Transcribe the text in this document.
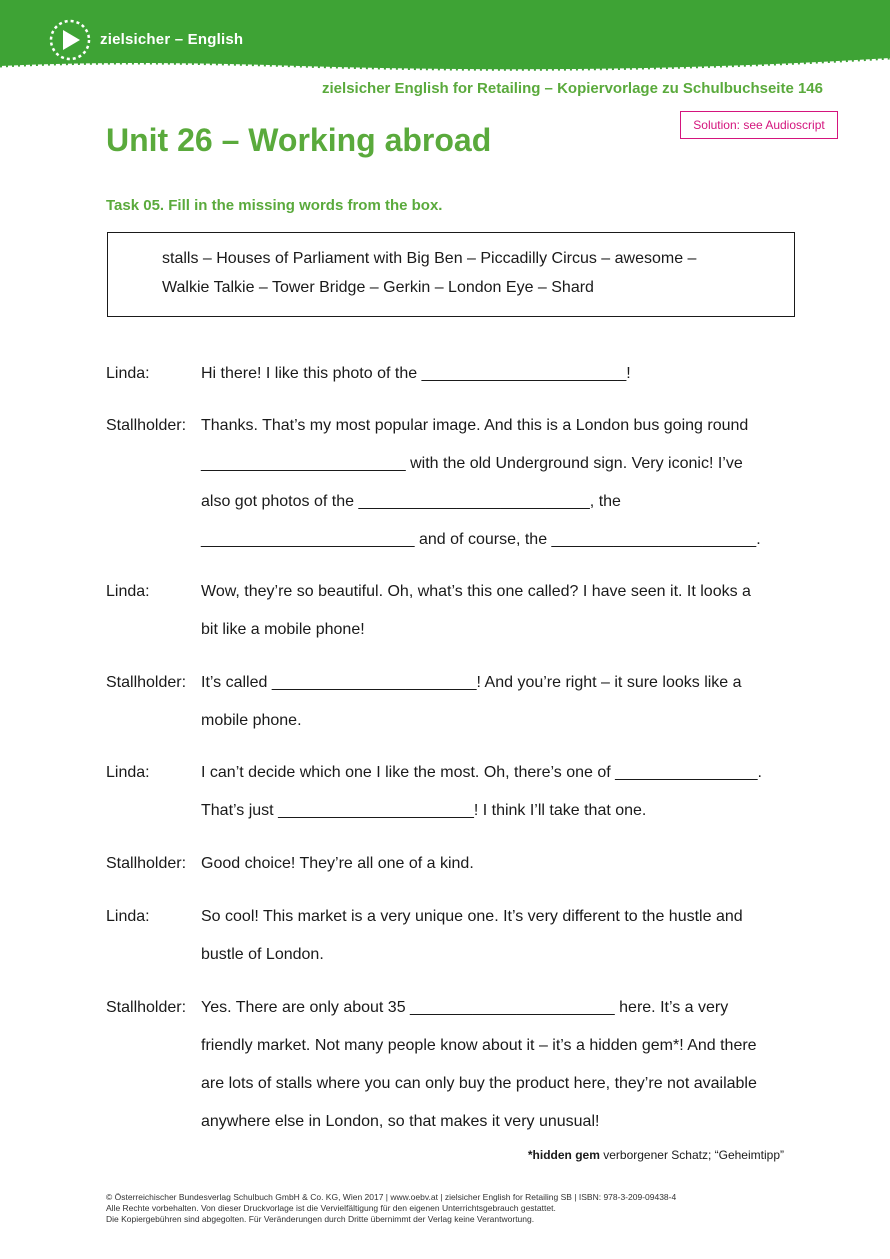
zielsicher – English
zielsicher English for Retailing – Kopiervorlage zu Schulbuchseite 146
Solution: see Audioscript
Unit 26 – Working abroad
Task 05. Fill in the missing words from the box.
stalls – Houses of Parliament with Big Ben – Piccadilly Circus – awesome –
Walkie Talkie – Tower Bridge – Gerkin – London Eye – Shard
Linda:	Hi there! I like this photo of the _______________________!
Stallholder: Thanks. That’s my most popular image. And this is a London bus going round
_______________________ with the old Underground sign. Very iconic! I’ve
also got photos of the __________________________, the
________________________ and of course, the _______________________.
Linda:	Wow, they’re so beautiful. Oh, what’s this one called? I have seen it. It looks a
bit like a mobile phone!
Stallholder: It’s called _______________________! And you’re right – it sure looks like a
mobile phone.
Linda:	I can’t decide which one I like the most. Oh, there’s one of ________________.
That’s just ______________________! I think I’ll take that one.
Stallholder: Good choice! They’re all one of a kind.
Linda:	So cool! This market is a very unique one. It’s very different to the hustle and
bustle of London.
Stallholder: Yes. There are only about 35 _______________________ here. It’s a very
friendly market. Not many people know about it – it’s a hidden gem*! And there
are lots of stalls where you can only buy the product here, they’re not available
anywhere else in London, so that makes it very unusual!
*hidden gem verborgener Schatz; “Geheimtipp”
© Österreichischer Bundesverlag Schulbuch GmbH & Co. KG, Wien 2017 | www.oebv.at | zielsicher English for Retailing SB | ISBN: 978-3-209-09438-4
Alle Rechte vorbehalten. Von dieser Druckvorlage ist die Vervielfältigung für den eigenen Unterrichtsgebrauch gestattet.
Die Kopiergebühren sind abgegolten. Für Veränderungen durch Dritte übernimmt der Verlag keine Verantwortung.
